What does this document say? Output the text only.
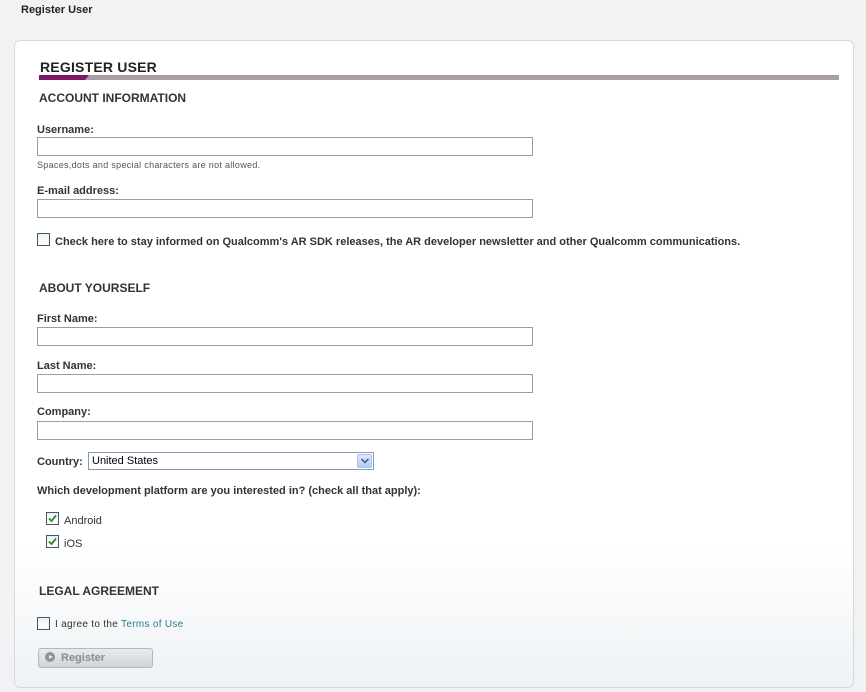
Register User
REGISTER USER
ACCOUNT INFORMATION
Username:
Spaces,dots and special characters are not allowed.
E-mail address:
Check here to stay informed on Qualcomm's AR SDK releases, the AR developer newsletter and other Qualcomm communications.
ABOUT YOURSELF
First Name:
Last Name:
Company:
Country: United States
Which development platform are you interested in? (check all that apply):
Android
iOS
LEGAL AGREEMENT
I agree to the Terms of Use
Register
